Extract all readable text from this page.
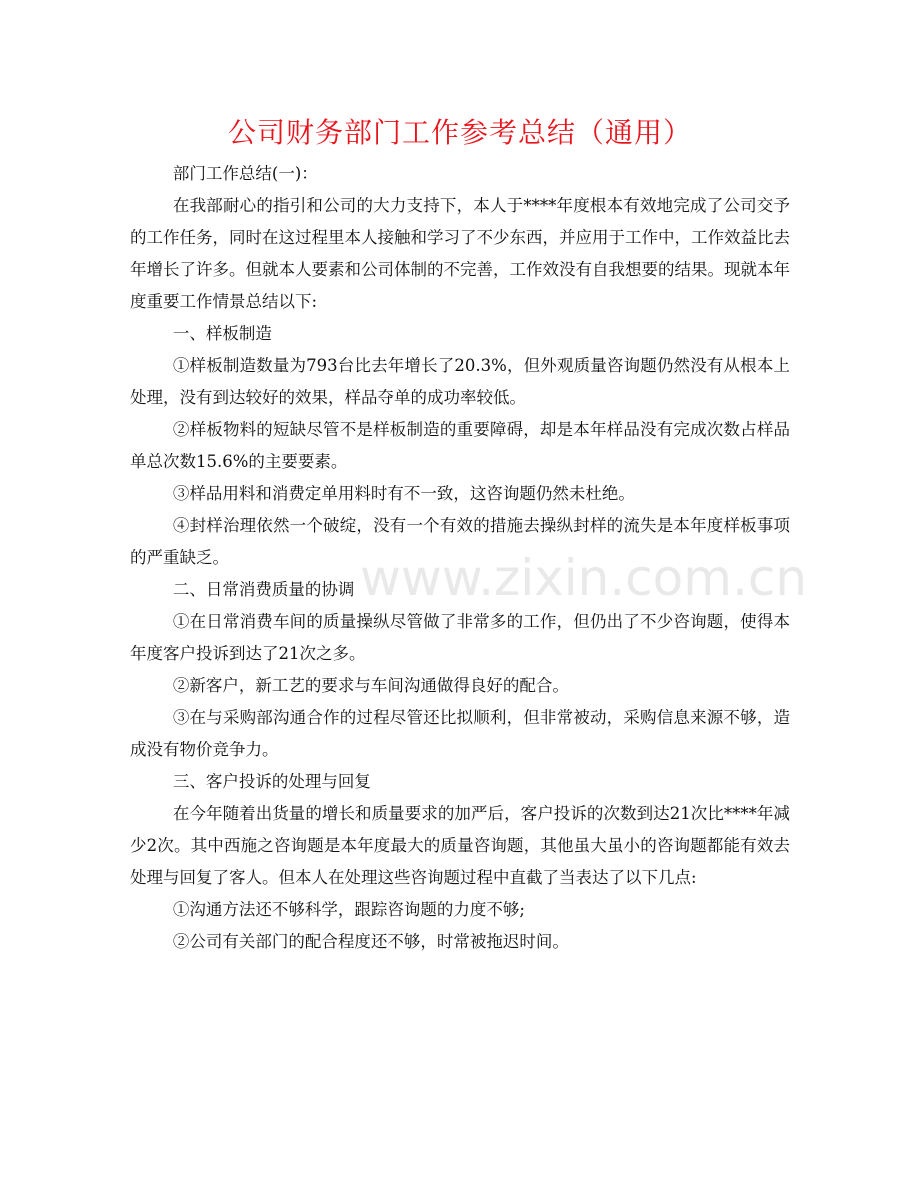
www.zixin.com.cn
公司财务部门工作参考总结（通用）

部门工作总结(一)：

在我部耐心的指引和公司的大力支持下，本人于****年度根本有效地完成了公司交予的工作任务，同时在这过程里本人接触和学习了不少东西，并应用于工作中，工作效益比去年增长了许多。但就本人要素和公司体制的不完善，工作效没有自我想要的结果。现就本年度重要工作情景总结以下:

一、样板制造

①样板制造数量为793台比去年增长了20.3%，但外观质量咨询题仍然没有从根本上处理，没有到达较好的效果，样品夺单的成功率较低。

②样板物料的短缺尽管不是样板制造的重要障碍，却是本年样品没有完成次数占样品单总次数15.6%的主要要素。

③样品用料和消费定单用料时有不一致，这咨询题仍然未杜绝。

④封样治理依然一个破绽，没有一个有效的措施去操纵封样的流失是本年度样板事项的严重缺乏。

二、日常消费质量的协调

①在日常消费车间的质量操纵尽管做了非常多的工作，但仍出了不少咨询题，使得本年度客户投诉到达了21次之多。

②新客户，新工艺的要求与车间沟通做得良好的配合。

③在与采购部沟通合作的过程尽管还比拟顺利，但非常被动，采购信息来源不够，造成没有物价竞争力。

三、客户投诉的处理与回复

在今年随着出货量的增长和质量要求的加严后，客户投诉的次数到达21次比****年减少2次。其中西施之咨询题是本年度最大的质量咨询题，其他虽大虽小的咨询题都能有效去处理与回复了客人。但本人在处理这些咨询题过程中直截了当表达了以下几点:

①沟通方法还不够科学，跟踪咨询题的力度不够;

②公司有关部门的配合程度还不够，时常被拖迟时间。
